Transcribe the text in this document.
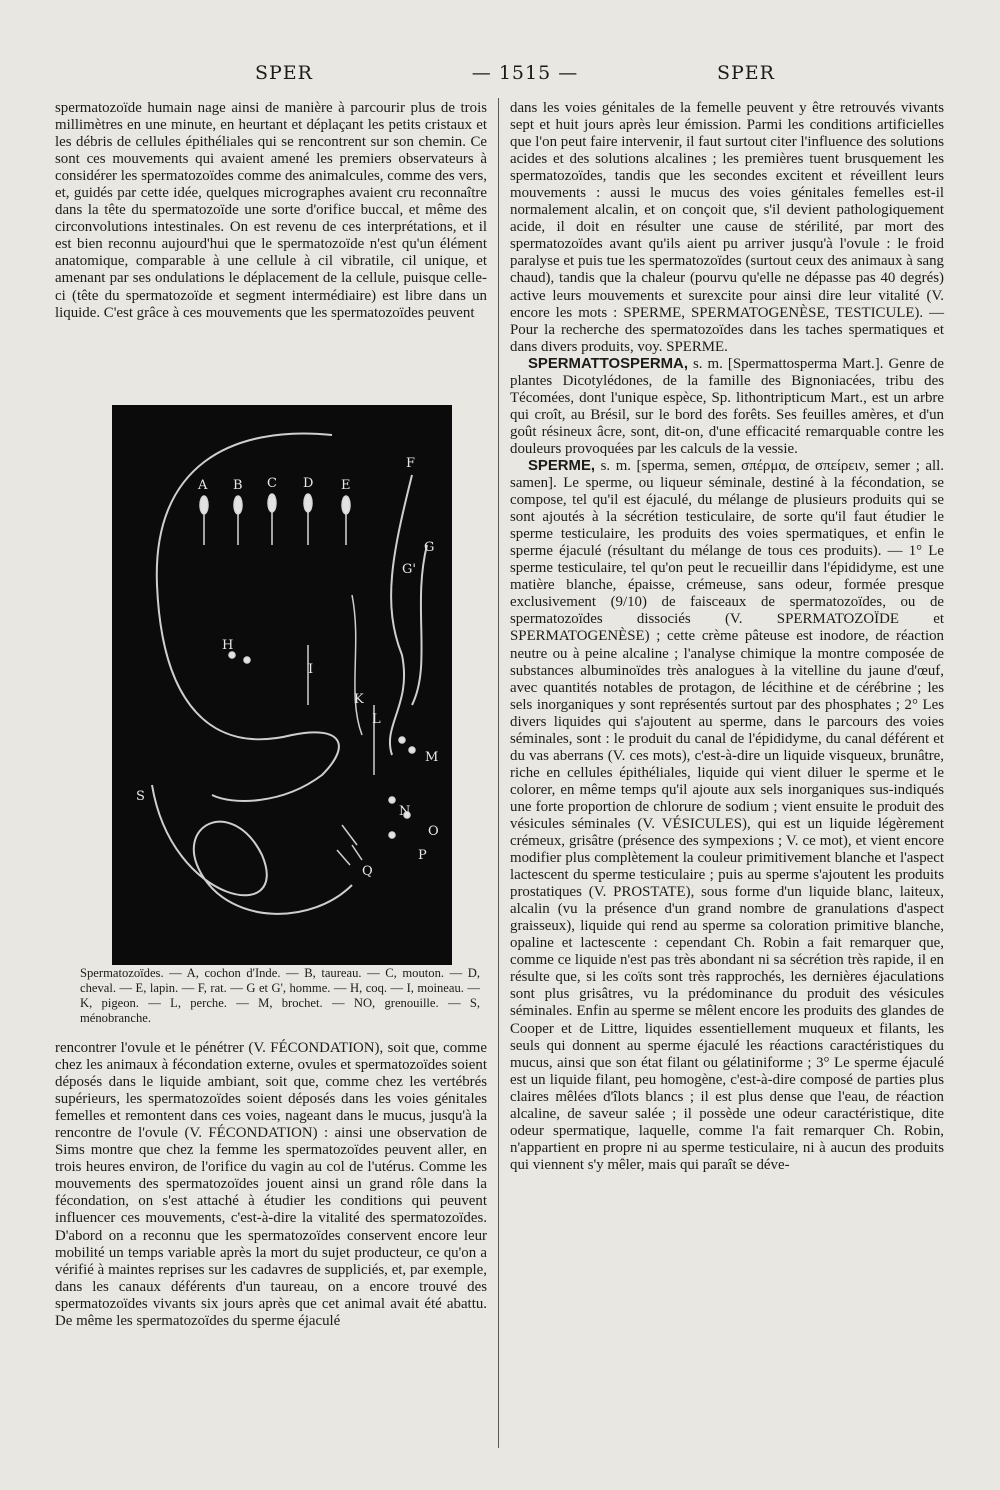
SPER	— 1515 —	SPER

spermatozoïde humain nage ainsi de manière à parcourir plus de trois millimètres en une minute, en heurtant et déplaçant les petits cristaux et les débris de cellules épithéliales qui se rencontrent sur son chemin. Ce sont ces mouvements qui avaient amené les premiers observateurs à considérer les spermatozoïdes comme des animalcules, comme des vers, et, guidés par cette idée, quelques micrographes avaient cru reconnaître dans la tête du spermatozoïde une sorte d'orifice buccal, et même des circonvolutions intestinales. On est revenu de ces interprétations, et il est bien reconnu aujourd'hui que le spermatozoïde n'est qu'un élément anatomique, comparable à une cellule à cil vibratile, cil unique, et amenant par ses ondulations le déplacement de la cellule, puisque celle-ci (tête du spermatozoïde et segment intermédiaire) est libre dans un liquide. C'est grâce à ces mouvements que les spermatozoïdes peuvent

A B C D E
F
G
G'
H
I
K
L
M
N
O
P
Q
S

Spermatozoïdes. — A, cochon d'Inde. — B, taureau. — C, mouton. — D, cheval. — E, lapin. — F, rat. — G et G', homme. — H, coq. — I, moineau. — K, pigeon. — L, perche. — M, brochet. — NO, grenouille. — S, ménobranche.

rencontrer l'ovule et le pénétrer (V. FÉCONDATION), soit que, comme chez les animaux à fécondation externe, ovules et spermatozoïdes soient déposés dans le liquide ambiant, soit que, comme chez les vertébrés supérieurs, les spermatozoïdes soient déposés dans les voies génitales femelles et remontent dans ces voies, nageant dans le mucus, jusqu'à la rencontre de l'ovule (V. FÉCONDATION) : ainsi une observation de Sims montre que chez la femme les spermatozoïdes peuvent aller, en trois heures environ, de l'orifice du vagin au col de l'utérus. Comme les mouvements des spermatozoïdes jouent ainsi un grand rôle dans la fécondation, on s'est attaché à étudier les conditions qui peuvent influencer ces mouvements, c'est-à-dire la vitalité des spermatozoïdes. D'abord on a reconnu que les spermatozoïdes conservent encore leur mobilité un temps variable après la mort du sujet producteur, ce qu'on a vérifié à maintes reprises sur les cadavres de suppliciés, et, par exemple, dans les canaux déférents d'un taureau, on a encore trouvé des spermatozoïdes vivants six jours après que cet animal avait été abattu. De même les spermatozoïdes du sperme éjaculé

dans les voies génitales de la femelle peuvent y être retrouvés vivants sept et huit jours après leur émission. Parmi les conditions artificielles que l'on peut faire intervenir, il faut surtout citer l'influence des solutions acides et des solutions alcalines ; les premières tuent brusquement les spermatozoïdes, tandis que les secondes excitent et réveillent leurs mouvements : aussi le mucus des voies génitales femelles est-il normalement alcalin, et on conçoit que, s'il devient pathologiquement acide, il doit en résulter une cause de stérilité, par mort des spermatozoïdes avant qu'ils aient pu arriver jusqu'à l'ovule : le froid paralyse et puis tue les spermatozoïdes (surtout ceux des animaux à sang chaud), tandis que la chaleur (pourvu qu'elle ne dépasse pas 40 degrés) active leurs mouvements et surexcite pour ainsi dire leur vitalité (V. encore les mots : SPERME, SPERMATOGENÈSE, TESTICULE). — Pour la recherche des spermatozoïdes dans les taches spermatiques et dans divers produits, voy. SPERME.

SPERMATTOSPERMA, s. m. [Spermattosperma Mart.]. Genre de plantes Dicotylédones, de la famille des Bignoniacées, tribu des Técomées, dont l'unique espèce, Sp. lithontripticum Mart., est un arbre qui croît, au Brésil, sur le bord des forêts. Ses feuilles amères, et d'un goût résineux âcre, sont, dit-on, d'une efficacité remarquable contre les douleurs provoquées par les calculs de la vessie.

SPERME, s. m. [sperma, semen, σπέρμα, de σπείρειν, semer ; all. samen]. Le sperme, ou liqueur séminale, destiné à la fécondation, se compose, tel qu'il est éjaculé, du mélange de plusieurs produits qui se sont ajoutés à la sécrétion testiculaire, de sorte qu'il faut étudier le sperme testiculaire, les produits des voies spermatiques, et enfin le sperme éjaculé (résultant du mélange de tous ces produits). — 1° Le sperme testiculaire, tel qu'on peut le recueillir dans l'épididyme, est une matière blanche, épaisse, crémeuse, sans odeur, formée presque exclusivement (9/10) de faisceaux de spermatozoïdes, ou de spermatozoïdes dissociés (V. SPERMATOZOÏDE et SPERMATOGENÈSE) ; cette crème pâteuse est inodore, de réaction neutre ou à peine alcaline ; l'analyse chimique la montre composée de substances albuminoïdes très analogues à la vitelline du jaune d'œuf, avec quantités notables de protagon, de lécithine et de cérébrine ; les sels inorganiques y sont représentés surtout par des phosphates ; 2° Les divers liquides qui s'ajoutent au sperme, dans le parcours des voies séminales, sont : le produit du canal de l'épididyme, du canal déférent et du vas aberrans (V. ces mots), c'est-à-dire un liquide visqueux, brunâtre, riche en cellules épithéliales, liquide qui vient diluer le sperme et le colorer, en même temps qu'il ajoute aux sels inorganiques sus-indiqués une forte proportion de chlorure de sodium ; vient ensuite le produit des vésicules séminales (V. VÉSICULES), qui est un liquide légèrement crémeux, grisâtre (présence des sympexions ; V. ce mot), et vient encore modifier plus complètement la couleur primitivement blanche et l'aspect lactescent du sperme testiculaire ; puis au sperme s'ajoutent les produits prostatiques (V. PROSTATE), sous forme d'un liquide blanc, laiteux, alcalin (vu la présence d'un grand nombre de granulations d'aspect graisseux), liquide qui rend au sperme sa coloration primitive blanche, opaline et lactescente : cependant Ch. Robin a fait remarquer que, comme ce liquide n'est pas très abondant ni sa sécrétion très rapide, il en résulte que, si les coïts sont très rapprochés, les dernières éjaculations sont plus grisâtres, vu la prédominance du produit des vésicules séminales. Enfin au sperme se mêlent encore les produits des glandes de Cooper et de Littre, liquides essentiellement muqueux et filants, les seuls qui donnent au sperme éjaculé les réactions caractéristiques du mucus, ainsi que son état filant ou gélatiniforme ; 3° Le sperme éjaculé est un liquide filant, peu homogène, c'est-à-dire composé de parties plus claires mêlées d'îlots blancs ; il est plus dense que l'eau, de réaction alcaline, de saveur salée ; il possède une odeur caractéristique, dite odeur spermatique, laquelle, comme l'a fait remarquer Ch. Robin, n'appartient en propre ni au sperme testiculaire, ni à aucun des produits qui viennent s'y mêler, mais qui paraît se déve-
